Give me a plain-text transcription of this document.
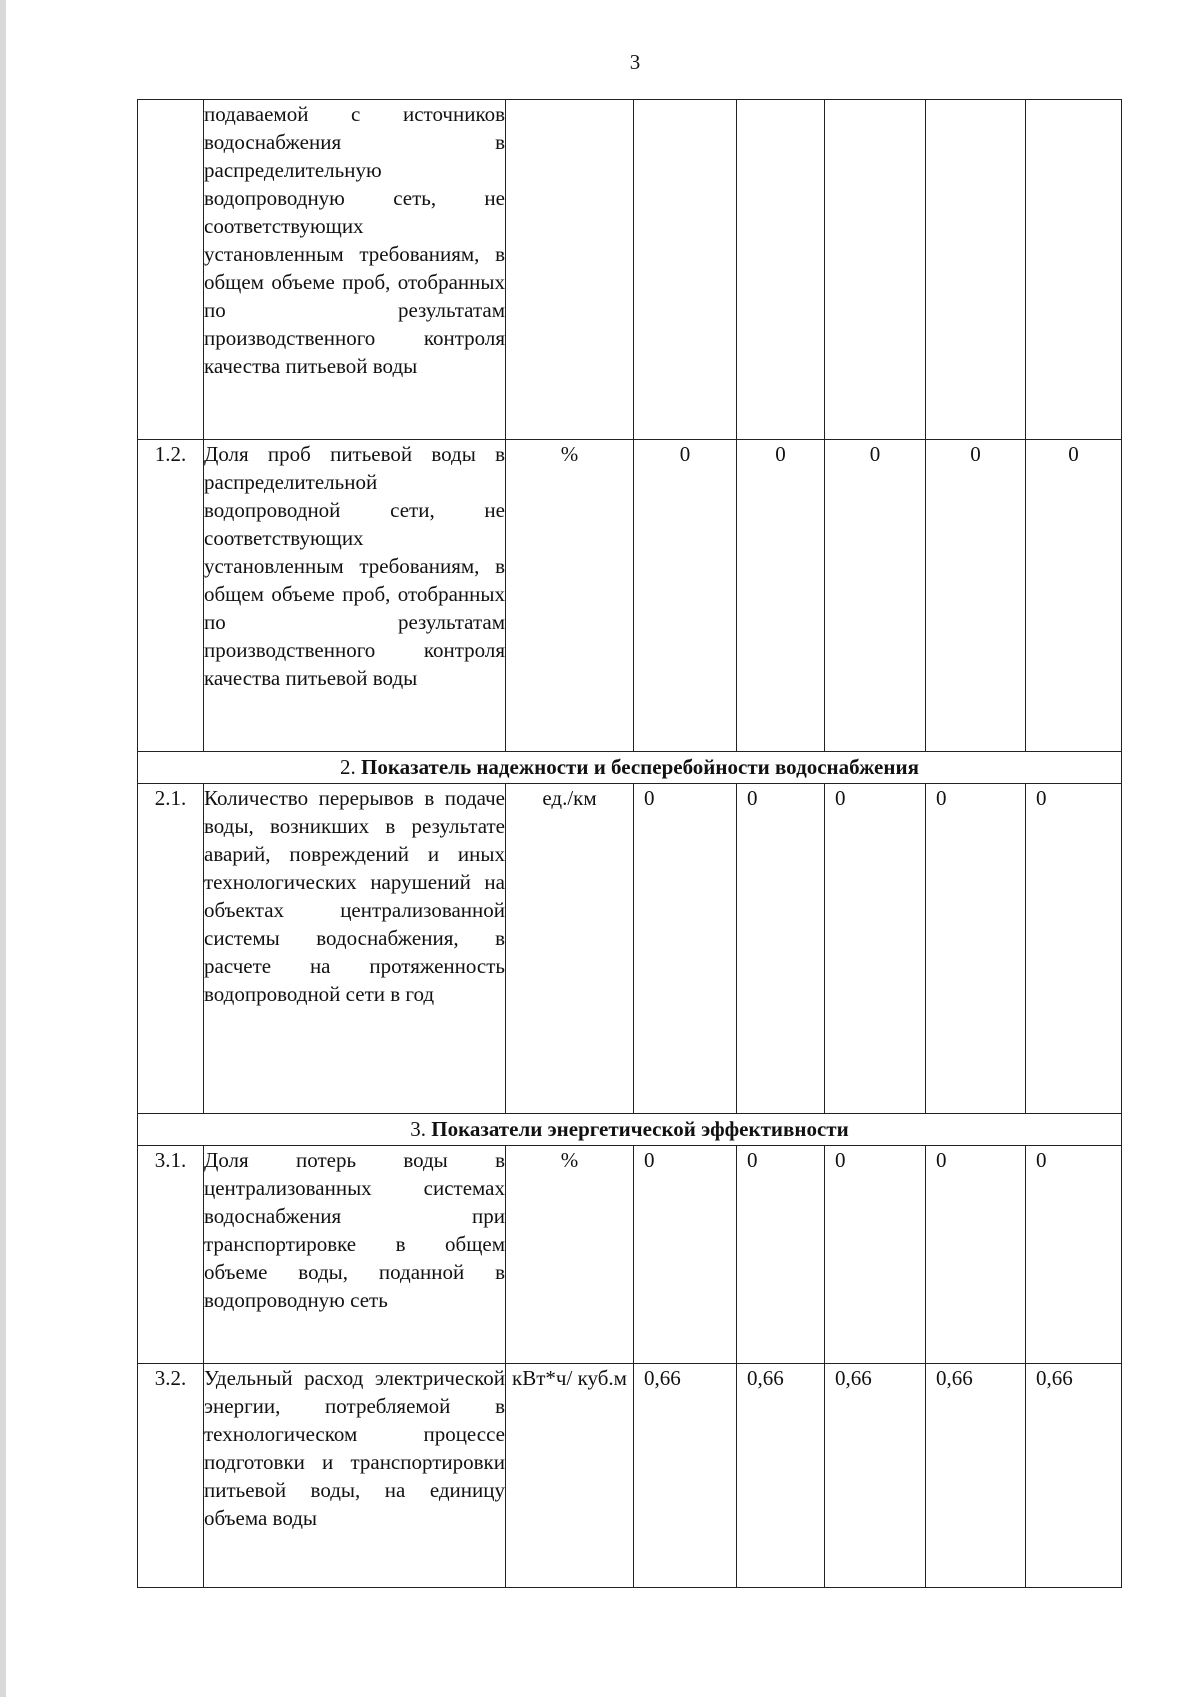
3
	подаваемой с источников водоснабжения в распределительную водопроводную сеть, не соответствующих установленным требованиям, в общем объеме проб, отобранных по результатам производственного контроля качества питьевой воды						
1.2.	Доля проб питьевой воды в распределительной водопроводной сети, не соответствующих установленным требованиям, в общем объеме проб, отобранных по результатам производственного контроля качества питьевой воды	%	0	0	0	0	0
2. Показатель надежности и бесперебойности водоснабжения							
2.1.	Количество перерывов в подаче воды, возникших в результате аварий, повреждений и иных технологических нарушений на объектах централизованной системы водоснабжения, в расчете на протяженность водопроводной сети в год	ед./км	0	0	0	0	0
3. Показатели энергетической эффективности							
3.1.	Доля потерь воды в централизованных системах водоснабжения при транспортировке в общем объеме воды, поданной в водопроводную сеть	%	0	0	0	0	0
3.2.	Удельный расход электрической энергии, потребляемой в технологическом процессе подготовки и транспортировки питьевой воды, на единицу объема воды	кВт*ч/ куб.м	0,66	0,66	0,66	0,66	0,66
